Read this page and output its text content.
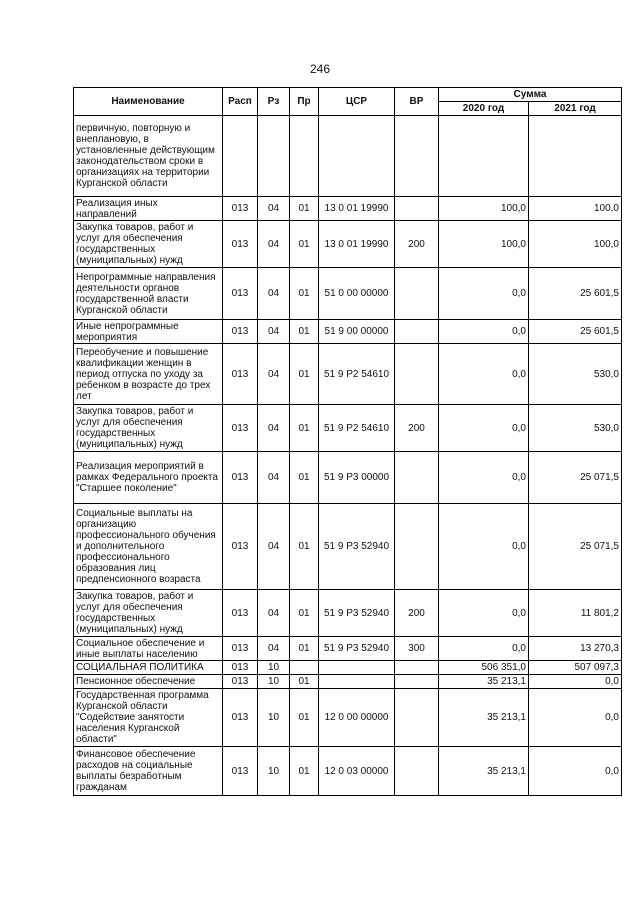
246
Наименование	Расп	Рз	Пр	ЦСР	ВР	Сумма	
						2020 год	2021 год
первичную, повторную и внеплановую, в установленные действующим законодательством сроки в организациях на территории Курганской области							
Реализация иных направлений	013	04	01	13 0 01 19990		100,0	100,0
Закупка товаров, работ и услуг для обеспечения государственных (муниципальных) нужд	013	04	01	13 0 01 19990	200	100,0	100,0
Непрограммные направления деятельности органов государственной власти Курганской области	013	04	01	51 0 00 00000		0,0	25 601,5
Иные непрограммные мероприятия	013	04	01	51 9 00 00000		0,0	25 601,5
Переобучение и повышение квалификации женщин в период отпуска по уходу за ребенком в возрасте до трех лет	013	04	01	51 9 P2 54610		0,0	530,0
Закупка товаров, работ и услуг для обеспечения государственных (муниципальных) нужд	013	04	01	51 9 P2 54610	200	0,0	530,0
Реализация мероприятий в рамках Федерального проекта "Старшее поколение"	013	04	01	51 9 P3 00000		0,0	25 071,5
Социальные выплаты на организацию профессионального обучения и дополнительного профессионального образования лиц предпенсионного возраста	013	04	01	51 9 P3 52940		0,0	25 071,5
Закупка товаров, работ и услуг для обеспечения государственных (муниципальных) нужд	013	04	01	51 9 P3 52940	200	0,0	11 801,2
Социальное обеспечение и иные выплаты населению	013	04	01	51 9 P3 52940	300	0,0	13 270,3
СОЦИАЛЬНАЯ ПОЛИТИКА	013	10				506 351,0	507 097,3
Пенсионное обеспечение	013	10	01			35 213,1	0,0
Государственная программа Курганской области "Содействие занятости населения Курганской области"	013	10	01	12 0 00 00000		35 213,1	0,0
Финансовое обеспечение расходов на социальные выплаты безработным гражданам	013	10	01	12 0 03 00000		35 213,1	0,0
